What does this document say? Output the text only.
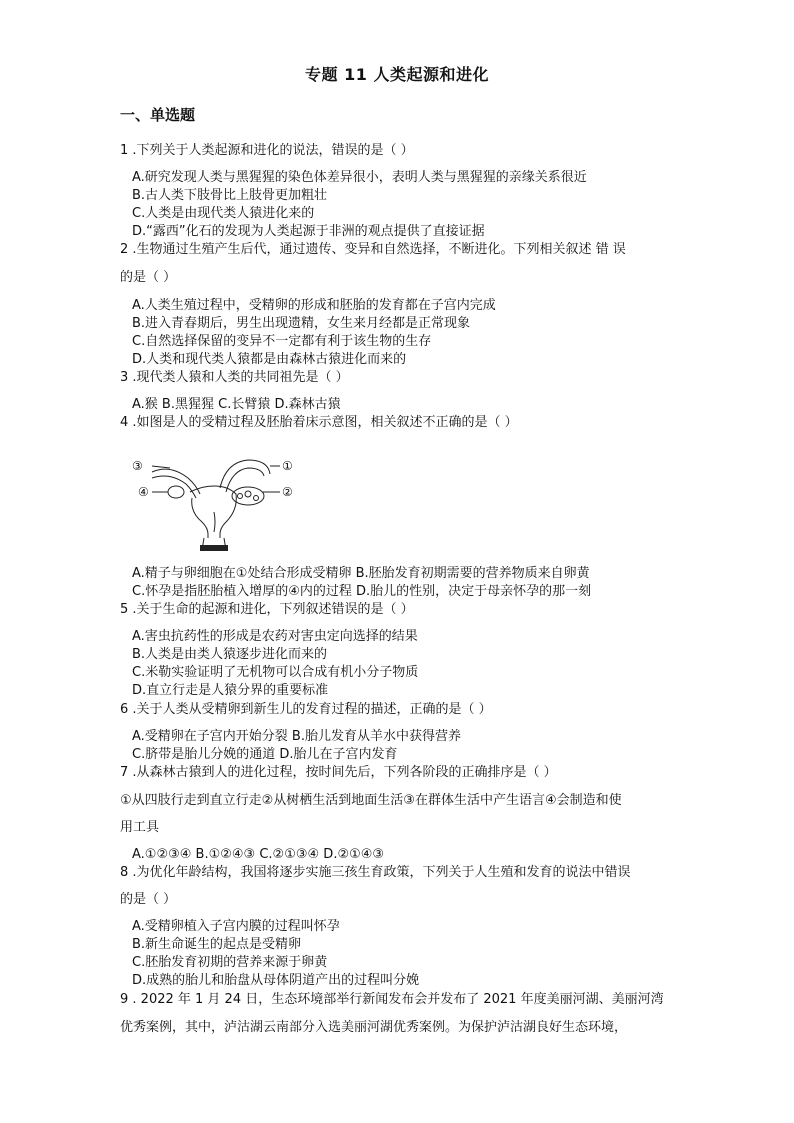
专题 11 人类起源和进化
一、单选题
1 .下列关于人类起源和进化的说法，错误的是（ ）
A.研究发现人类与黑猩猩的染色体差异很小，表明人类与黑猩猩的亲缘关系很近
B.古人类下肢骨比上肢骨更加粗壮
C.人类是由现代类人猿进化来的
D.“露西”化石的发现为人类起源于非洲的观点提供了直接证据
2 .生物通过生殖产生后代，通过遗传、变异和自然选择，不断进化。下列相关叙述 错 误
的是（ ）
A.人类生殖过程中，受精卵的形成和胚胎的发育都在子宫内完成
B.进入青春期后，男生出现遗精，女生来月经都是正常现象
C.自然选择保留的变异不一定都有利于该生物的生存
D.人类和现代类人猿都是由森林古猿进化而来的
3 .现代类人猿和人类的共同祖先是（ ）
A.猴 B.黑猩猩 C.长臂猿 D.森林古猿
4 .如图是人的受精过程及胚胎着床示意图，相关叙述不正确的是（ ）
③	①
④	②
A.精子与卵细胞在①处结合形成受精卵 B.胚胎发育初期需要的营养物质来自卵黄
C.怀孕是指胚胎植入增厚的④内的过程 D.胎儿的性别，决定于母亲怀孕的那一刻
5 .关于生命的起源和进化，下列叙述错误的是（ ）
A.害虫抗药性的形成是农药对害虫定向选择的结果
B.人类是由类人猿逐步进化而来的
C.米勒实验证明了无机物可以合成有机小分子物质
D.直立行走是人猿分界的重要标准
6 .关于人类从受精卵到新生儿的发育过程的描述，正确的是（ ）
A.受精卵在子宫内开始分裂 B.胎儿发育从羊水中获得营养
C.脐带是胎儿分娩的通道 D.胎儿在子宫内发育
7 .从森林古猿到人的进化过程，按时间先后，下列各阶段的正确排序是（ ）
①从四肢行走到直立行走②从树栖生活到地面生活③在群体生活中产生语言④会制造和使
用工具
A.①②③④ B.①②④③ C.②①③④ D.②①④③
8 .为优化年龄结构，我国将逐步实施三孩生育政策，下列关于人生殖和发育的说法中错误
的是（ ）
A.受精卵植入子宫内膜的过程叫怀孕
B.新生命诞生的起点是受精卵
C.胚胎发育初期的营养来源于卵黄
D.成熟的胎儿和胎盘从母体阴道产出的过程叫分娩
9 . 2022 年 1 月 24 日，生态环境部举行新闻发布会并发布了 2021 年度美丽河湖、美丽河湾
优秀案例，其中，泸沽湖云南部分入选美丽河湖优秀案例。为保护泸沽湖良好生态环境，
